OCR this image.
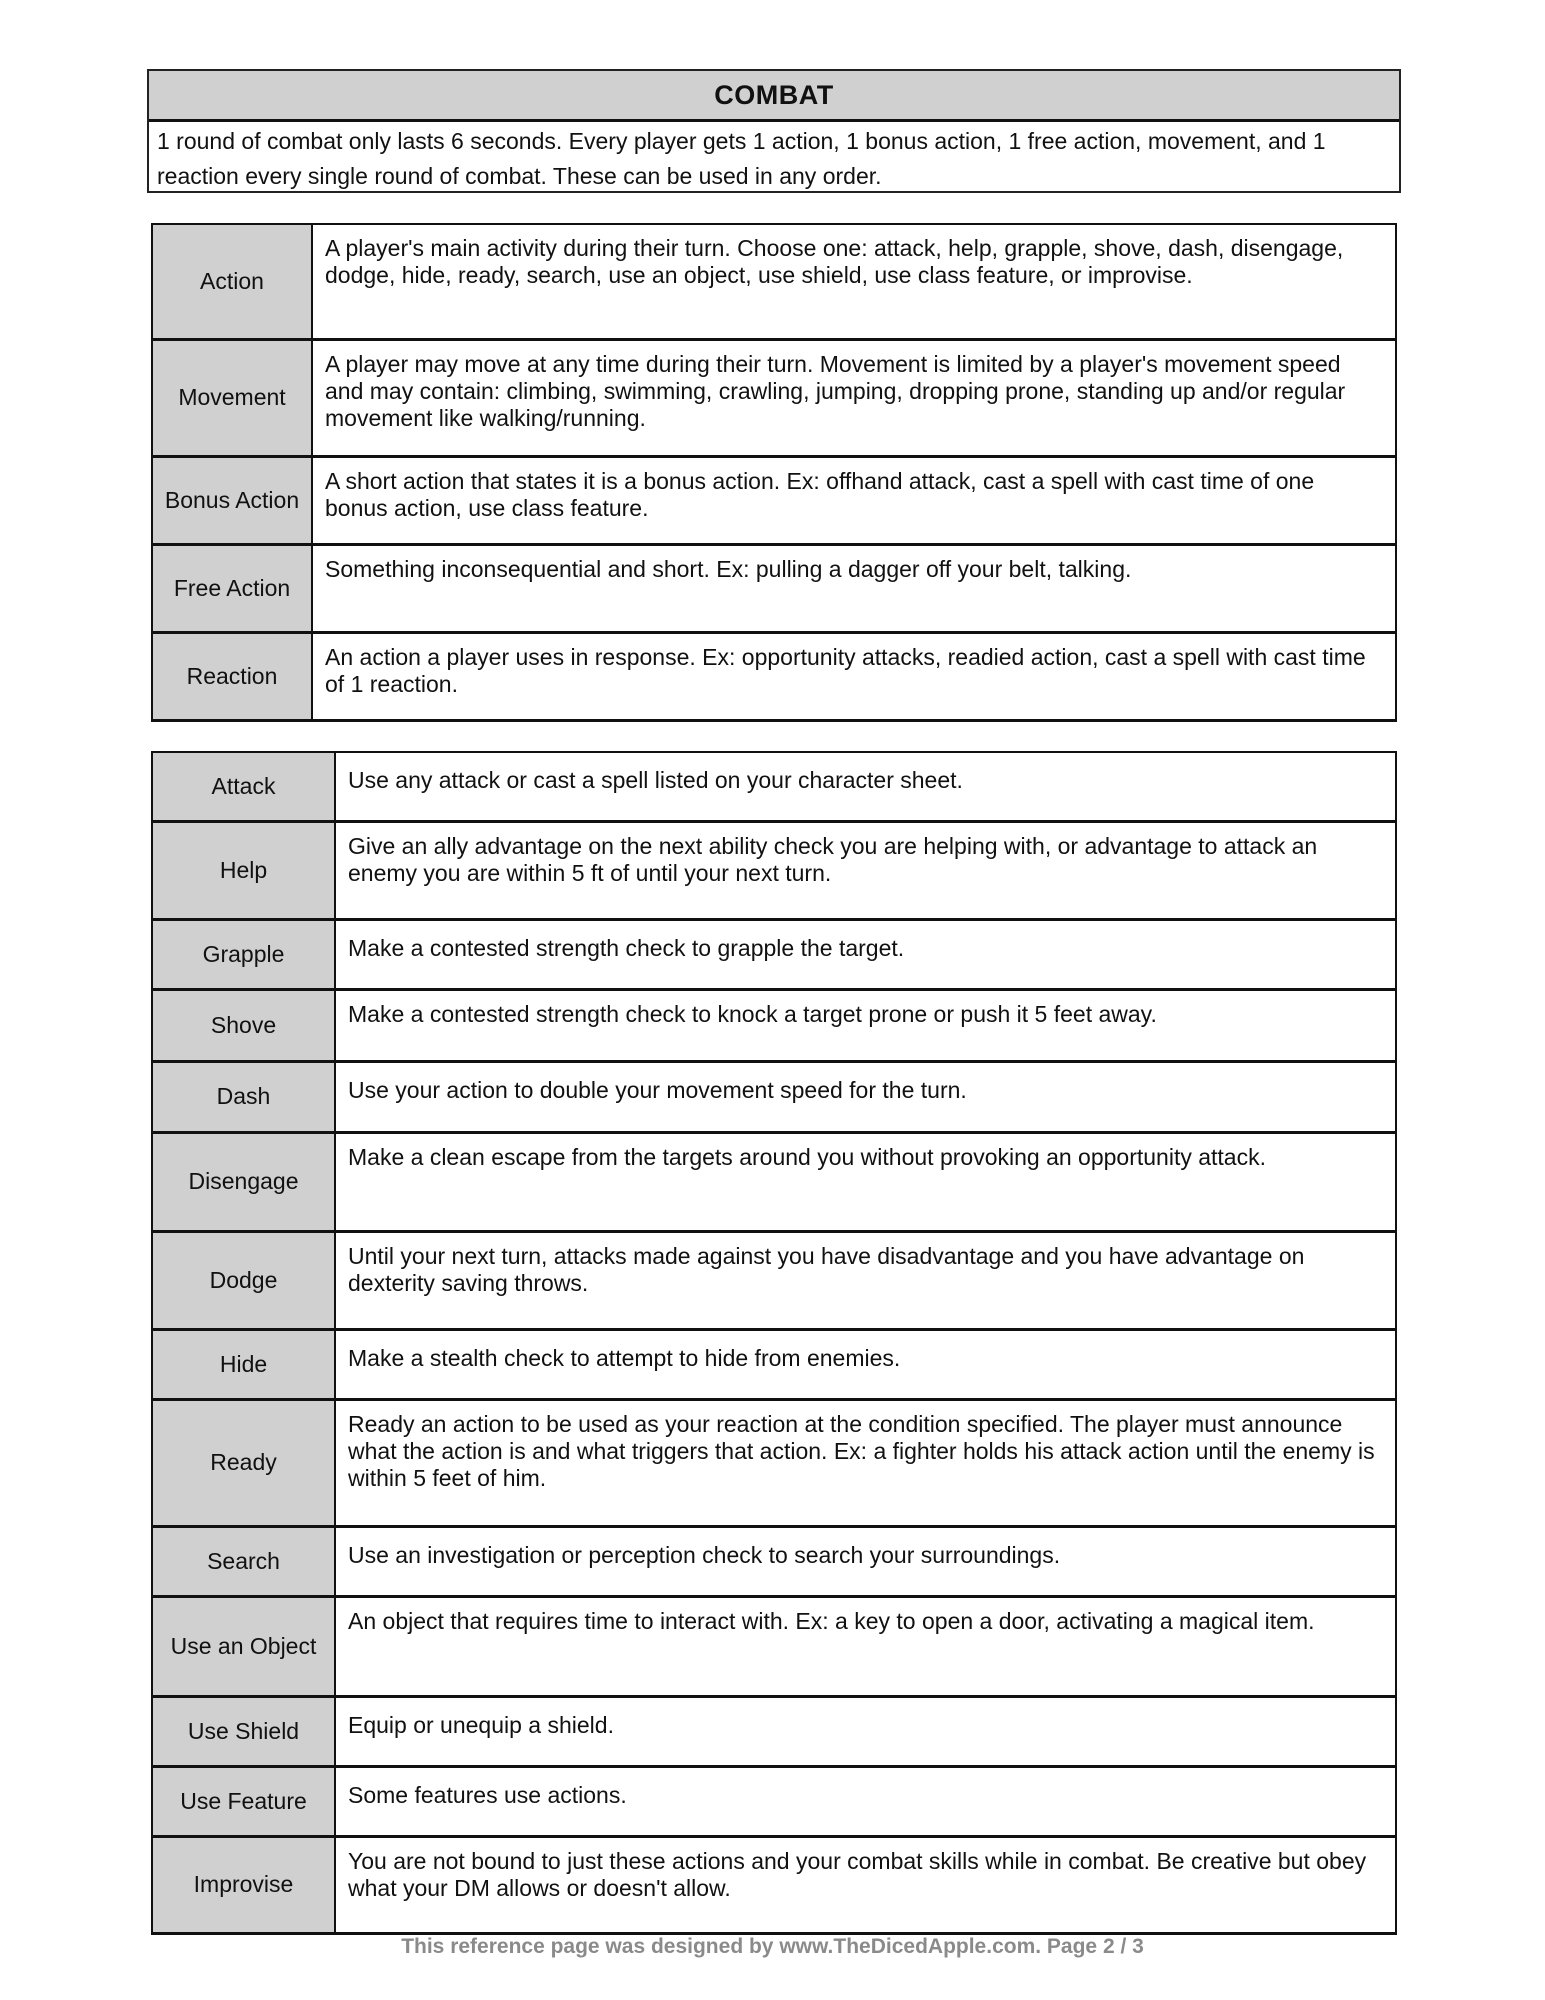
COMBAT
1 round of combat only lasts 6 seconds. Every player gets 1 action, 1 bonus action, 1 free action, movement, and 1 reaction every single round of combat. These can be used in any order.
Action	A player's main activity during their turn. Choose one: attack, help, grapple, shove, dash, disengage, dodge, hide, ready, search, use an object, use shield, use class feature, or improvise.
Movement	A player may move at any time during their turn. Movement is limited by a player's movement speed and may contain: climbing, swimming, crawling, jumping, dropping prone, standing up and/or regular movement like walking/running.
Bonus Action	A short action that states it is a bonus action. Ex: offhand attack, cast a spell with cast time of one bonus action, use class feature.
Free Action	Something inconsequential and short. Ex: pulling a dagger off your belt, talking.
Reaction	An action a player uses in response. Ex: opportunity attacks, readied action, cast a spell with cast time of 1 reaction.
Attack	Use any attack or cast a spell listed on your character sheet.
Help	Give an ally advantage on the next ability check you are helping with, or advantage to attack an enemy you are within 5 ft of until your next turn.
Grapple	Make a contested strength check to grapple the target.
Shove	Make a contested strength check to knock a target prone or push it 5 feet away.
Dash	Use your action to double your movement speed for the turn.
Disengage	Make a clean escape from the targets around you without provoking an opportunity attack.
Dodge	Until your next turn, attacks made against you have disadvantage and you have advantage on dexterity saving throws.
Hide	Make a stealth check to attempt to hide from enemies.
Ready	Ready an action to be used as your reaction at the condition specified. The player must announce what the action is and what triggers that action. Ex: a fighter holds his attack action until the enemy is within 5 feet of him.
Search	Use an investigation or perception check to search your surroundings.
Use an Object	An object that requires time to interact with. Ex: a key to open a door, activating a magical item.
Use Shield	Equip or unequip a shield.
Use Feature	Some features use actions.
Improvise	You are not bound to just these actions and your combat skills while in combat. Be creative but obey what your DM allows or doesn't allow.
This reference page was designed by www.TheDicedApple.com. Page 2 / 3
